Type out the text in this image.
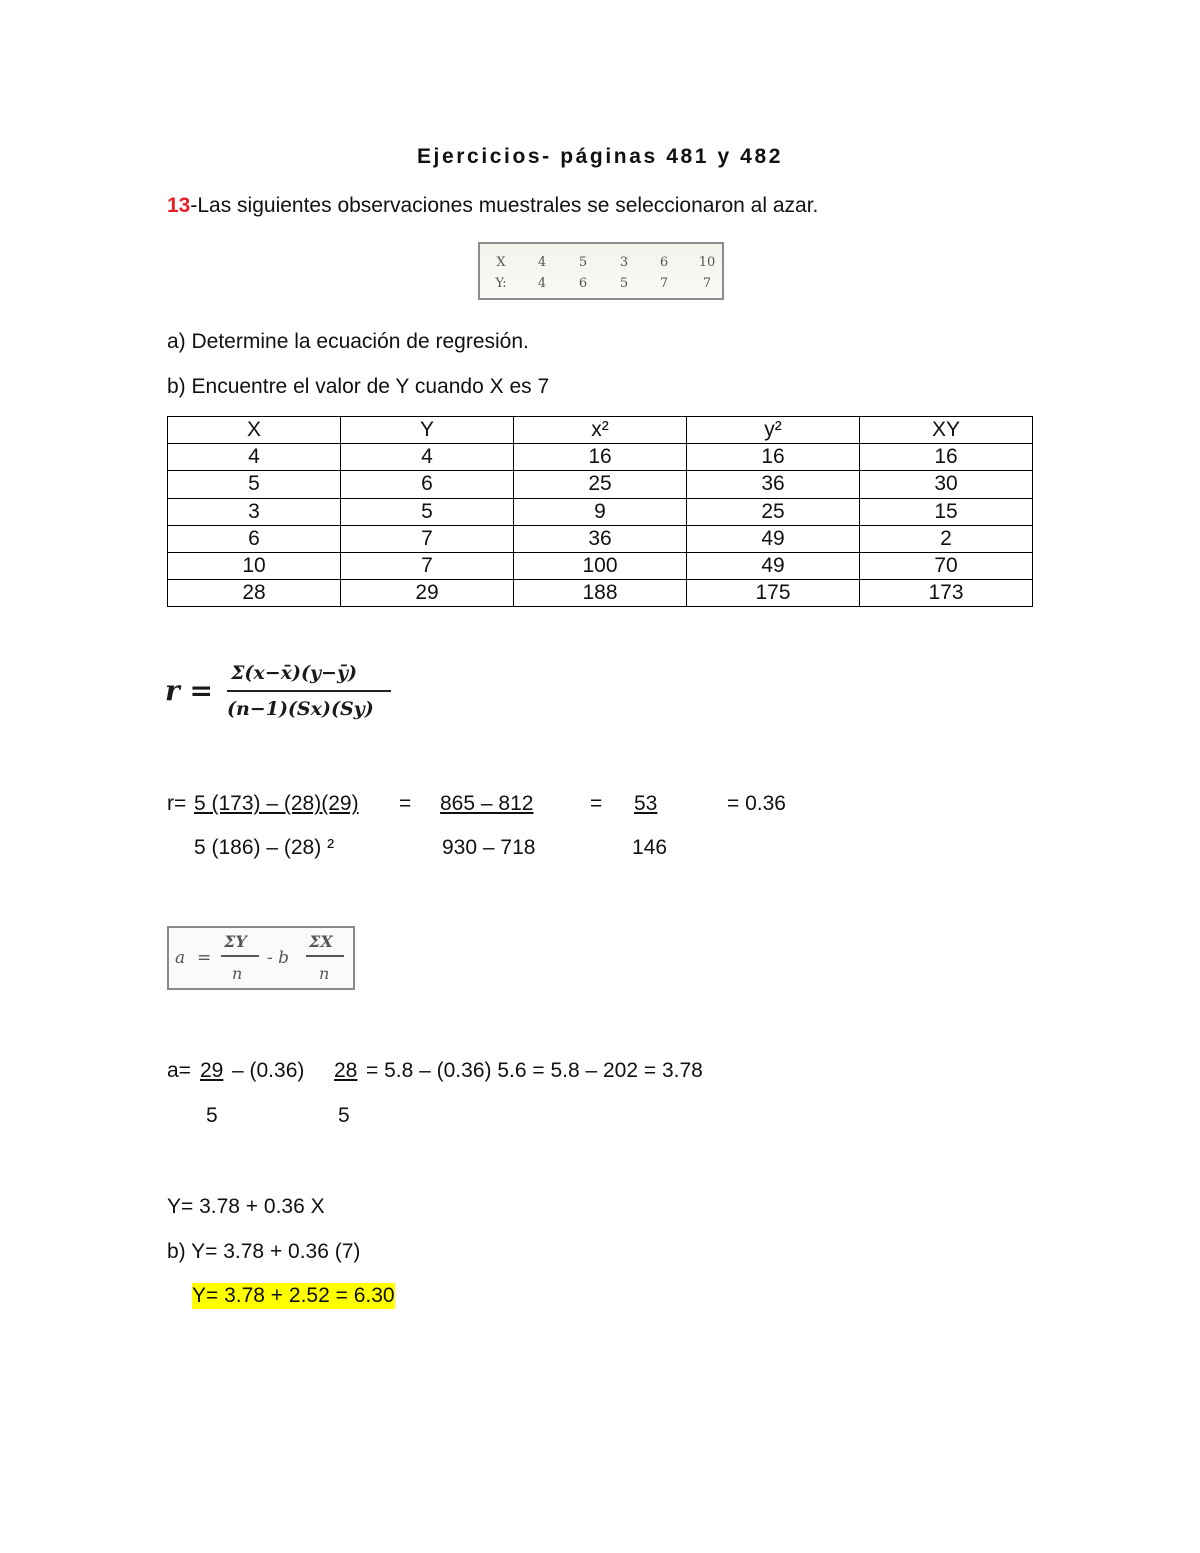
Ejercicios- páginas 481 y 482
13-Las siguientes observaciones muestrales se seleccionaron al azar.
X	4	5	3	6	10
Y:	4	6	5	7	7
a) Determine la ecuación de regresión.
b) Encuentre el valor de Y cuando X es 7
X	Y	x²	y²	XY
4	4	16	16	16
5	6	25	36	30
3	5	9	25	15
6	7	36	49	2
10	7	100	49	70
28	29	188	175	173
r =
Σ(x−x̄)(y−ȳ)
(n−1)(Sx)(Sy)
r= 5 (173) – (28)(29) = 865 – 812	= 53	= 0.36
5 (186) – (28) ²	930 – 718	146
a =
ΣY
n
- b
ΣX
n
a= 29 – (0.36) 28 = 5.8 – (0.36) 5.6 = 5.8 – 202 = 3.78
5	5
Y= 3.78 + 0.36 X
b) Y= 3.78 + 0.36 (7)
Y= 3.78 + 2.52 = 6.30
